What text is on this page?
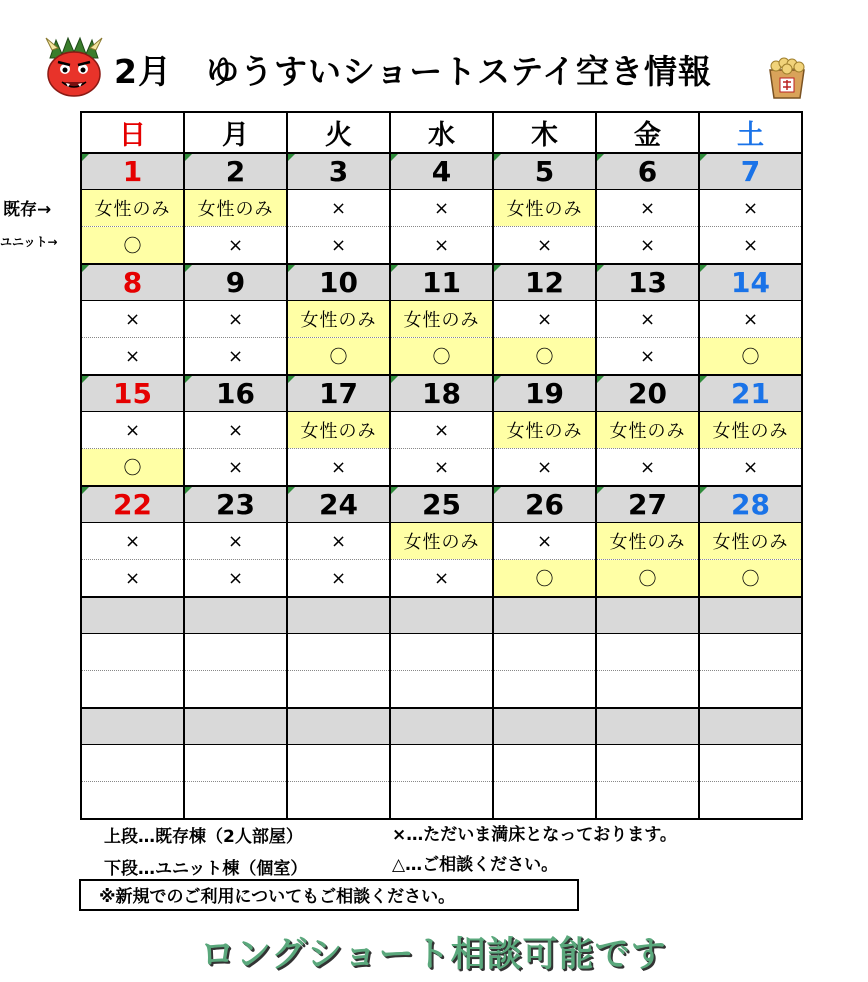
2月　ゆうすいショートステイ空き情報
既存→
ユニット→
日	月	火	水	木	金	土
1	2	3	4	5	6	7
女性のみ	女性のみ	×	×	女性のみ	×	×
〇	×	×	×	×	×	×
8	9	10	11	12	13	14
×	×	女性のみ	女性のみ	×	×	×
×	×	〇	〇	〇	×	〇
15	16	17	18	19	20	21
×	×	女性のみ	×	女性のみ	女性のみ	女性のみ
〇	×	×	×	×	×	×
22	23	24	25	26	27	28
×	×	×	女性のみ	×	女性のみ	女性のみ
×	×	×	×	〇	〇	〇

上段…既存棟（2人部屋）
下段…ユニット棟（個室）
×…ただいま満床となっております。
△…ご相談ください。
※新規でのご利用についてもご相談ください。
ロングショート相談可能です
